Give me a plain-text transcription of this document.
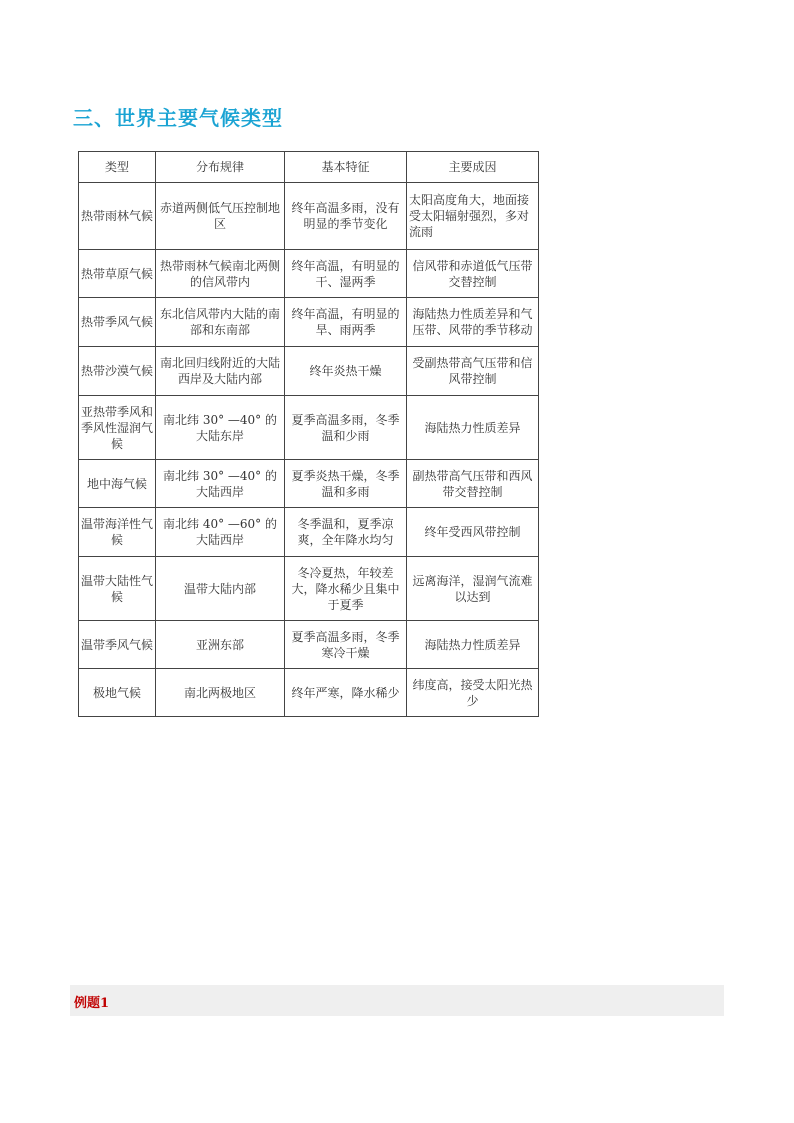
三、世界主要气候类型
类型	分布规律	基本特征	主要成因
热带雨林气候	赤道两侧低气压控制地区	终年高温多雨，没有明显的季节变化	太阳高度角大，地面接受太阳辐射强烈，多对流雨
热带草原气候	热带雨林气候南北两侧的信风带内	终年高温，有明显的干、湿两季	信风带和赤道低气压带交替控制
热带季风气候	东北信风带内大陆的南部和东南部	终年高温，有明显的旱、雨两季	海陆热力性质差异和气压带、风带的季节移动
热带沙漠气候	南北回归线附近的大陆西岸及大陆内部	终年炎热干燥	受副热带高气压带和信风带控制
亚热带季风和季风性湿润气候	南北纬 30° —40° 的大陆东岸	夏季高温多雨，冬季温和少雨	海陆热力性质差异
地中海气候	南北纬 30° —40° 的大陆西岸	夏季炎热干燥，冬季温和多雨	副热带高气压带和西风带交替控制
温带海洋性气候	南北纬 40° —60° 的大陆西岸	冬季温和，夏季凉爽，全年降水均匀	终年受西风带控制
温带大陆性气候	温带大陆内部	冬冷夏热，年较差大，降水稀少且集中于夏季	远离海洋，湿润气流难以达到
温带季风气候	亚洲东部	夏季高温多雨，冬季寒冷干燥	海陆热力性质差异
极地气候	南北两极地区	终年严寒，降水稀少	纬度高，接受太阳光热少
例题1
